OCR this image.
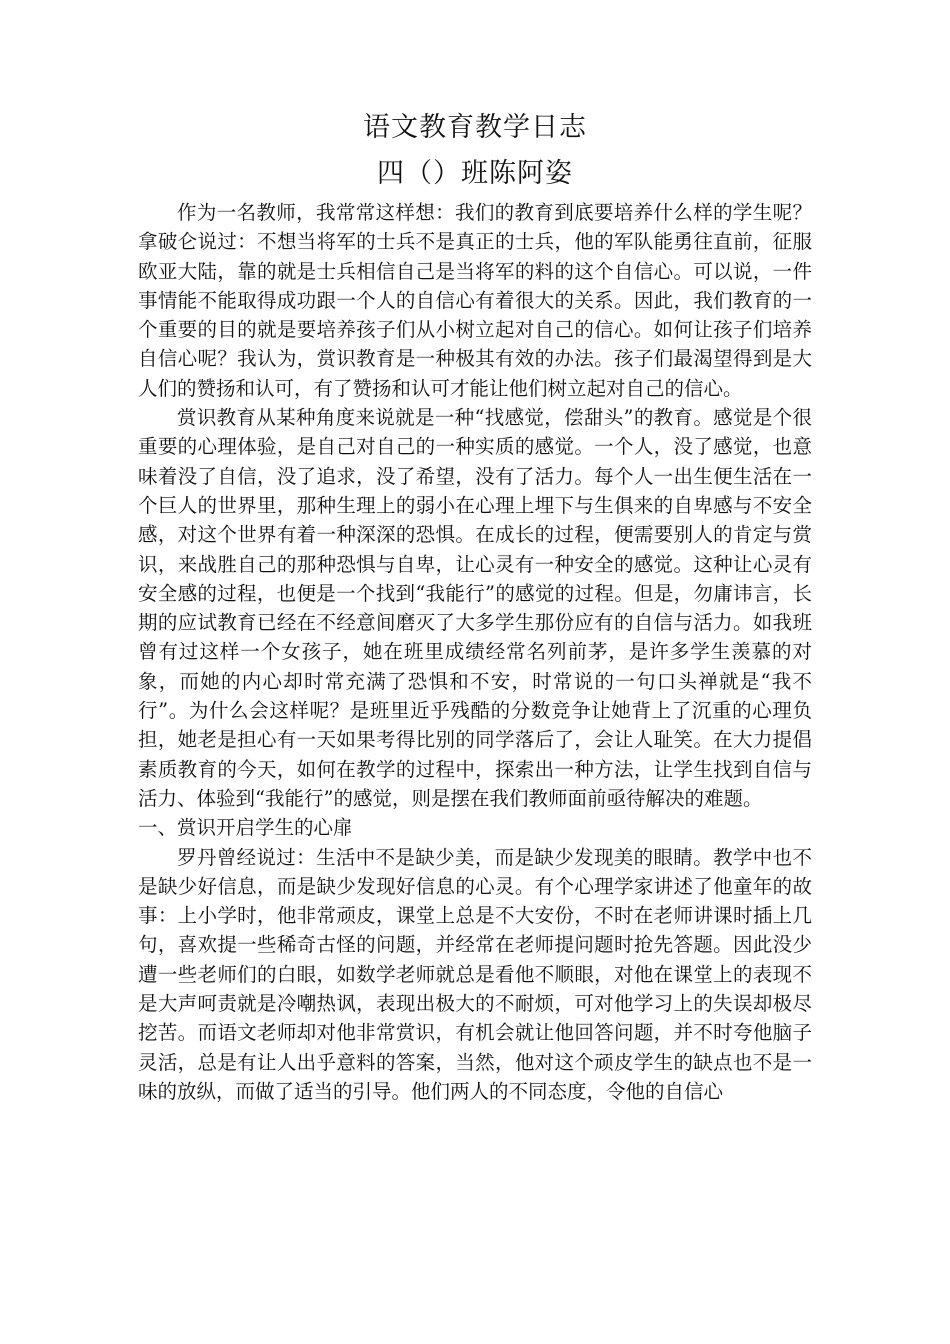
语文教育教学日志
四（）班陈阿姿

作为一名教师，我常常这样想：我们的教育到底要培养什么样的学生呢？拿破仑说过：不想当将军的士兵不是真正的士兵，他的军队能勇往直前，征服欧亚大陆，靠的就是士兵相信自己是当将军的料的这个自信心。可以说，一件事情能不能取得成功跟一个人的自信心有着很大的关系。因此，我们教育的一个重要的目的就是要培养孩子们从小树立起对自己的信心。如何让孩子们培养自信心呢？我认为，赏识教育是一种极其有效的办法。孩子们最渴望得到是大人们的赞扬和认可，有了赞扬和认可才能让他们树立起对自己的信心。

赏识教育从某种角度来说就是一种“找感觉，偿甜头”的教育。感觉是个很重要的心理体验，是自己对自己的一种实质的感觉。一个人，没了感觉，也意味着没了自信，没了追求，没了希望，没有了活力。每个人一出生便生活在一个巨人的世界里，那种生理上的弱小在心理上埋下与生俱来的自卑感与不安全感，对这个世界有着一种深深的恐惧。在成长的过程，便需要别人的肯定与赏识，来战胜自己的那种恐惧与自卑，让心灵有一种安全的感觉。这种让心灵有安全感的过程，也便是一个找到“我能行”的感觉的过程。但是，勿庸讳言，长期的应试教育已经在不经意间磨灭了大多学生那份应有的自信与活力。如我班曾有过这样一个女孩子，她在班里成绩经常名列前茅，是许多学生羡慕的对象，而她的内心却时常充满了恐惧和不安，时常说的一句口头禅就是“我不行”。为什么会这样呢？是班里近乎残酷的分数竞争让她背上了沉重的心理负担，她老是担心有一天如果考得比别的同学落后了，会让人耻笑。在大力提倡素质教育的今天，如何在教学的过程中，探索出一种方法，让学生找到自信与活力、体验到“我能行”的感觉，则是摆在我们教师面前亟待解决的难题。

一、赏识开启学生的心扉

罗丹曾经说过：生活中不是缺少美，而是缺少发现美的眼睛。教学中也不是缺少好信息，而是缺少发现好信息的心灵。有个心理学家讲述了他童年的故事：上小学时，他非常顽皮，课堂上总是不大安份，不时在老师讲课时插上几句，喜欢提一些稀奇古怪的问题，并经常在老师提问题时抢先答题。因此没少遭一些老师们的白眼，如数学老师就总是看他不顺眼，对他在课堂上的表现不是大声呵责就是冷嘲热讽，表现出极大的不耐烦，可对他学习上的失误却极尽挖苦。而语文老师却对他非常赏识，有机会就让他回答问题，并不时夸他脑子灵活，总是有让人出乎意料的答案，当然，他对这个顽皮学生的缺点也不是一味的放纵，而做了适当的引导。他们两人的不同态度，令他的自信心
